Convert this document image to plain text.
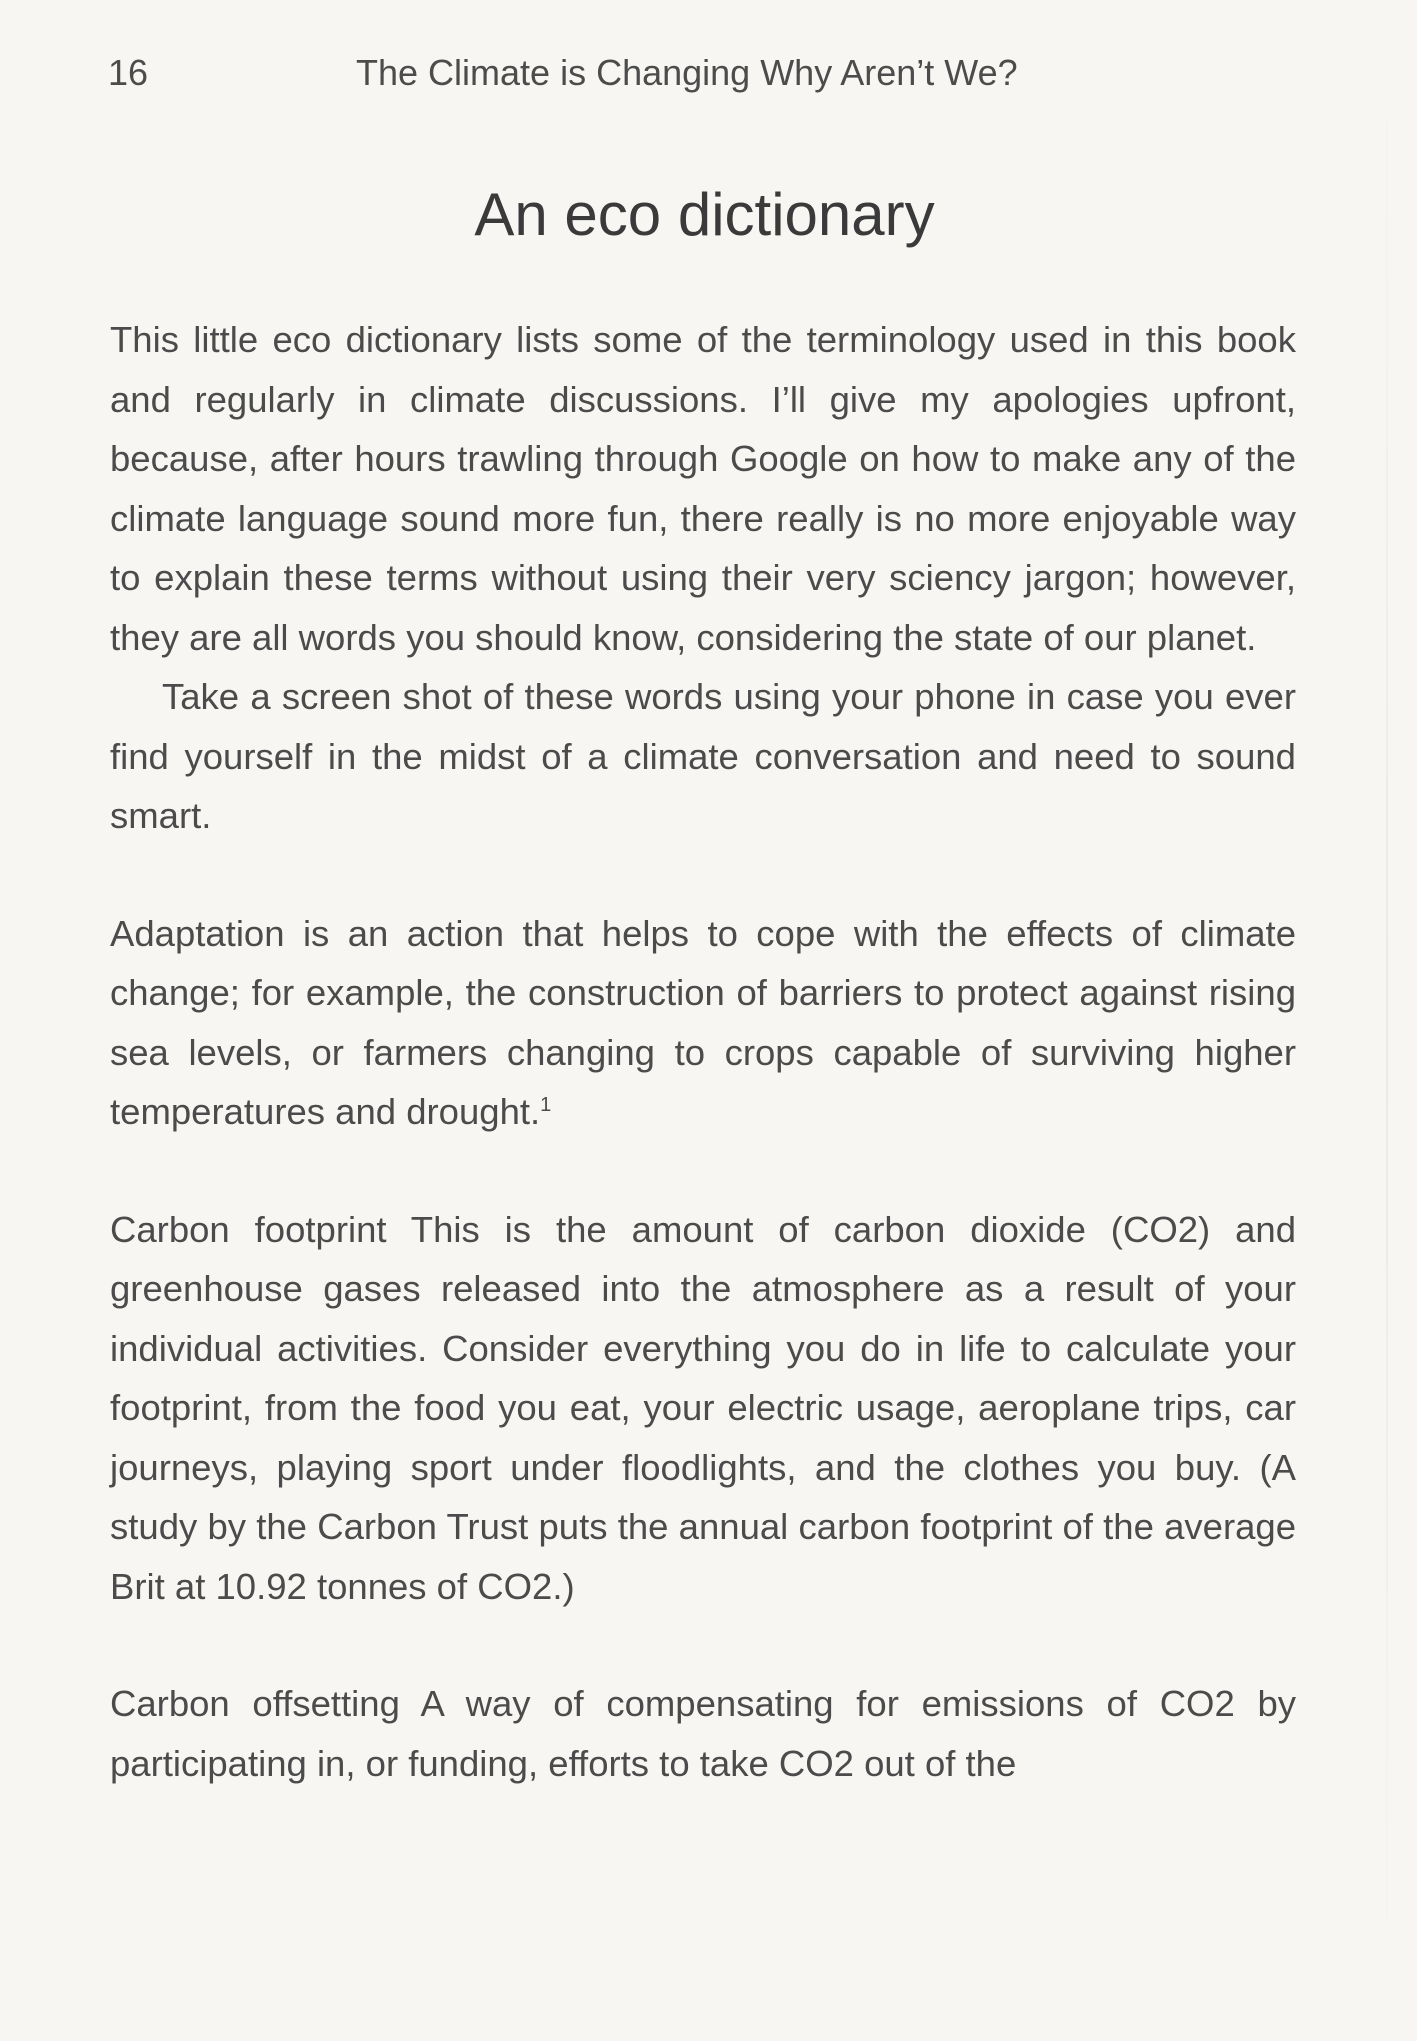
16	The Climate is Changing Why Aren’t We?
An eco dictionary

This little eco dictionary lists some of the terminology used in this book and regularly in climate discussions. I’ll give my apologies upfront, because, after hours trawling through Google on how to make any of the climate language sound more fun, there really is no more enjoyable way to explain these terms without using their very sciency jargon; however, they are all words you should know, considering the state of our planet.

Take a screen shot of these words using your phone in case you ever find yourself in the midst of a climate conversation and need to sound smart.

Adaptation is an action that helps to cope with the effects of climate change; for example, the construction of barriers to protect against rising sea levels, or farmers changing to crops capable of surviving higher temperatures and drought.$^1$

Carbon footprint This is the amount of carbon dioxide (CO2) and greenhouse gases released into the atmosphere as a result of your individual activities. Consider everything you do in life to calculate your footprint, from the food you eat, your electric usage, aeroplane trips, car journeys, playing sport under floodlights, and the clothes you buy. (A study by the Carbon Trust puts the annual carbon footprint of the average Brit at 10.92 tonnes of CO2.)

Carbon offsetting A way of compensating for emissions of CO2 by participating in, or funding, efforts to take CO2 out of the
